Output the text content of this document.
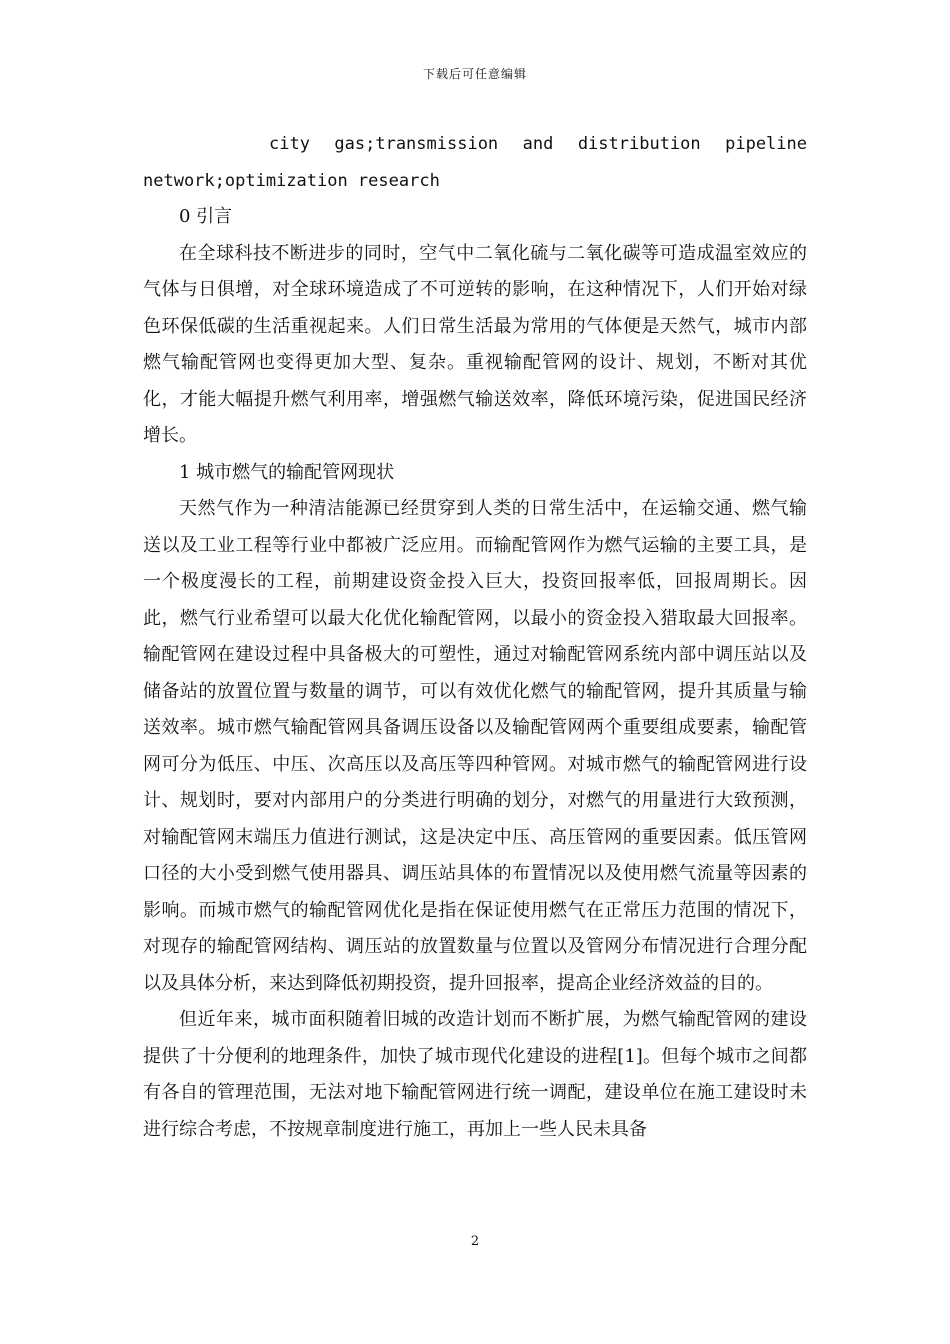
下载后可任意编辑

city gas;transmission and distribution pipeline network;optimization research

0 引言

在全球科技不断进步的同时，空气中二氧化硫与二氧化碳等可造成温室效应的气体与日俱增，对全球环境造成了不可逆转的影响，在这种情况下，人们开始对绿色环保低碳的生活重视起来。人们日常生活最为常用的气体便是天然气，城市内部燃气输配管网也变得更加大型、复杂。重视输配管网的设计、规划，不断对其优化，才能大幅提升燃气利用率，增强燃气输送效率，降低环境污染，促进国民经济增长。

1 城市燃气的输配管网现状

天然气作为一种清洁能源已经贯穿到人类的日常生活中，在运输交通、燃气输送以及工业工程等行业中都被广泛应用。而输配管网作为燃气运输的主要工具，是一个极度漫长的工程，前期建设资金投入巨大，投资回报率低，回报周期长。因此，燃气行业希望可以最大化优化输配管网，以最小的资金投入猎取最大回报率。输配管网在建设过程中具备极大的可塑性，通过对输配管网系统内部中调压站以及储备站的放置位置与数量的调节，可以有效优化燃气的输配管网，提升其质量与输送效率。城市燃气输配管网具备调压设备以及输配管网两个重要组成要素，输配管网可分为低压、中压、次高压以及高压等四种管网。对城市燃气的输配管网进行设计、规划时，要对内部用户的分类进行明确的划分，对燃气的用量进行大致预测，对输配管网末端压力值进行测试，这是决定中压、高压管网的重要因素。低压管网口径的大小受到燃气使用器具、调压站具体的布置情况以及使用燃气流量等因素的影响。而城市燃气的输配管网优化是指在保证使用燃气在正常压力范围的情况下，对现存的输配管网结构、调压站的放置数量与位置以及管网分布情况进行合理分配以及具体分析，来达到降低初期投资，提升回报率，提高企业经济效益的目的。

但近年来，城市面积随着旧城的改造计划而不断扩展，为燃气输配管网的建设提供了十分便利的地理条件，加快了城市现代化建设的进程[1]。但每个城市之间都有各自的管理范围，无法对地下输配管网进行统一调配，建设单位在施工建设时未进行综合考虑，不按规章制度进行施工，再加上一些人民未具备

2
